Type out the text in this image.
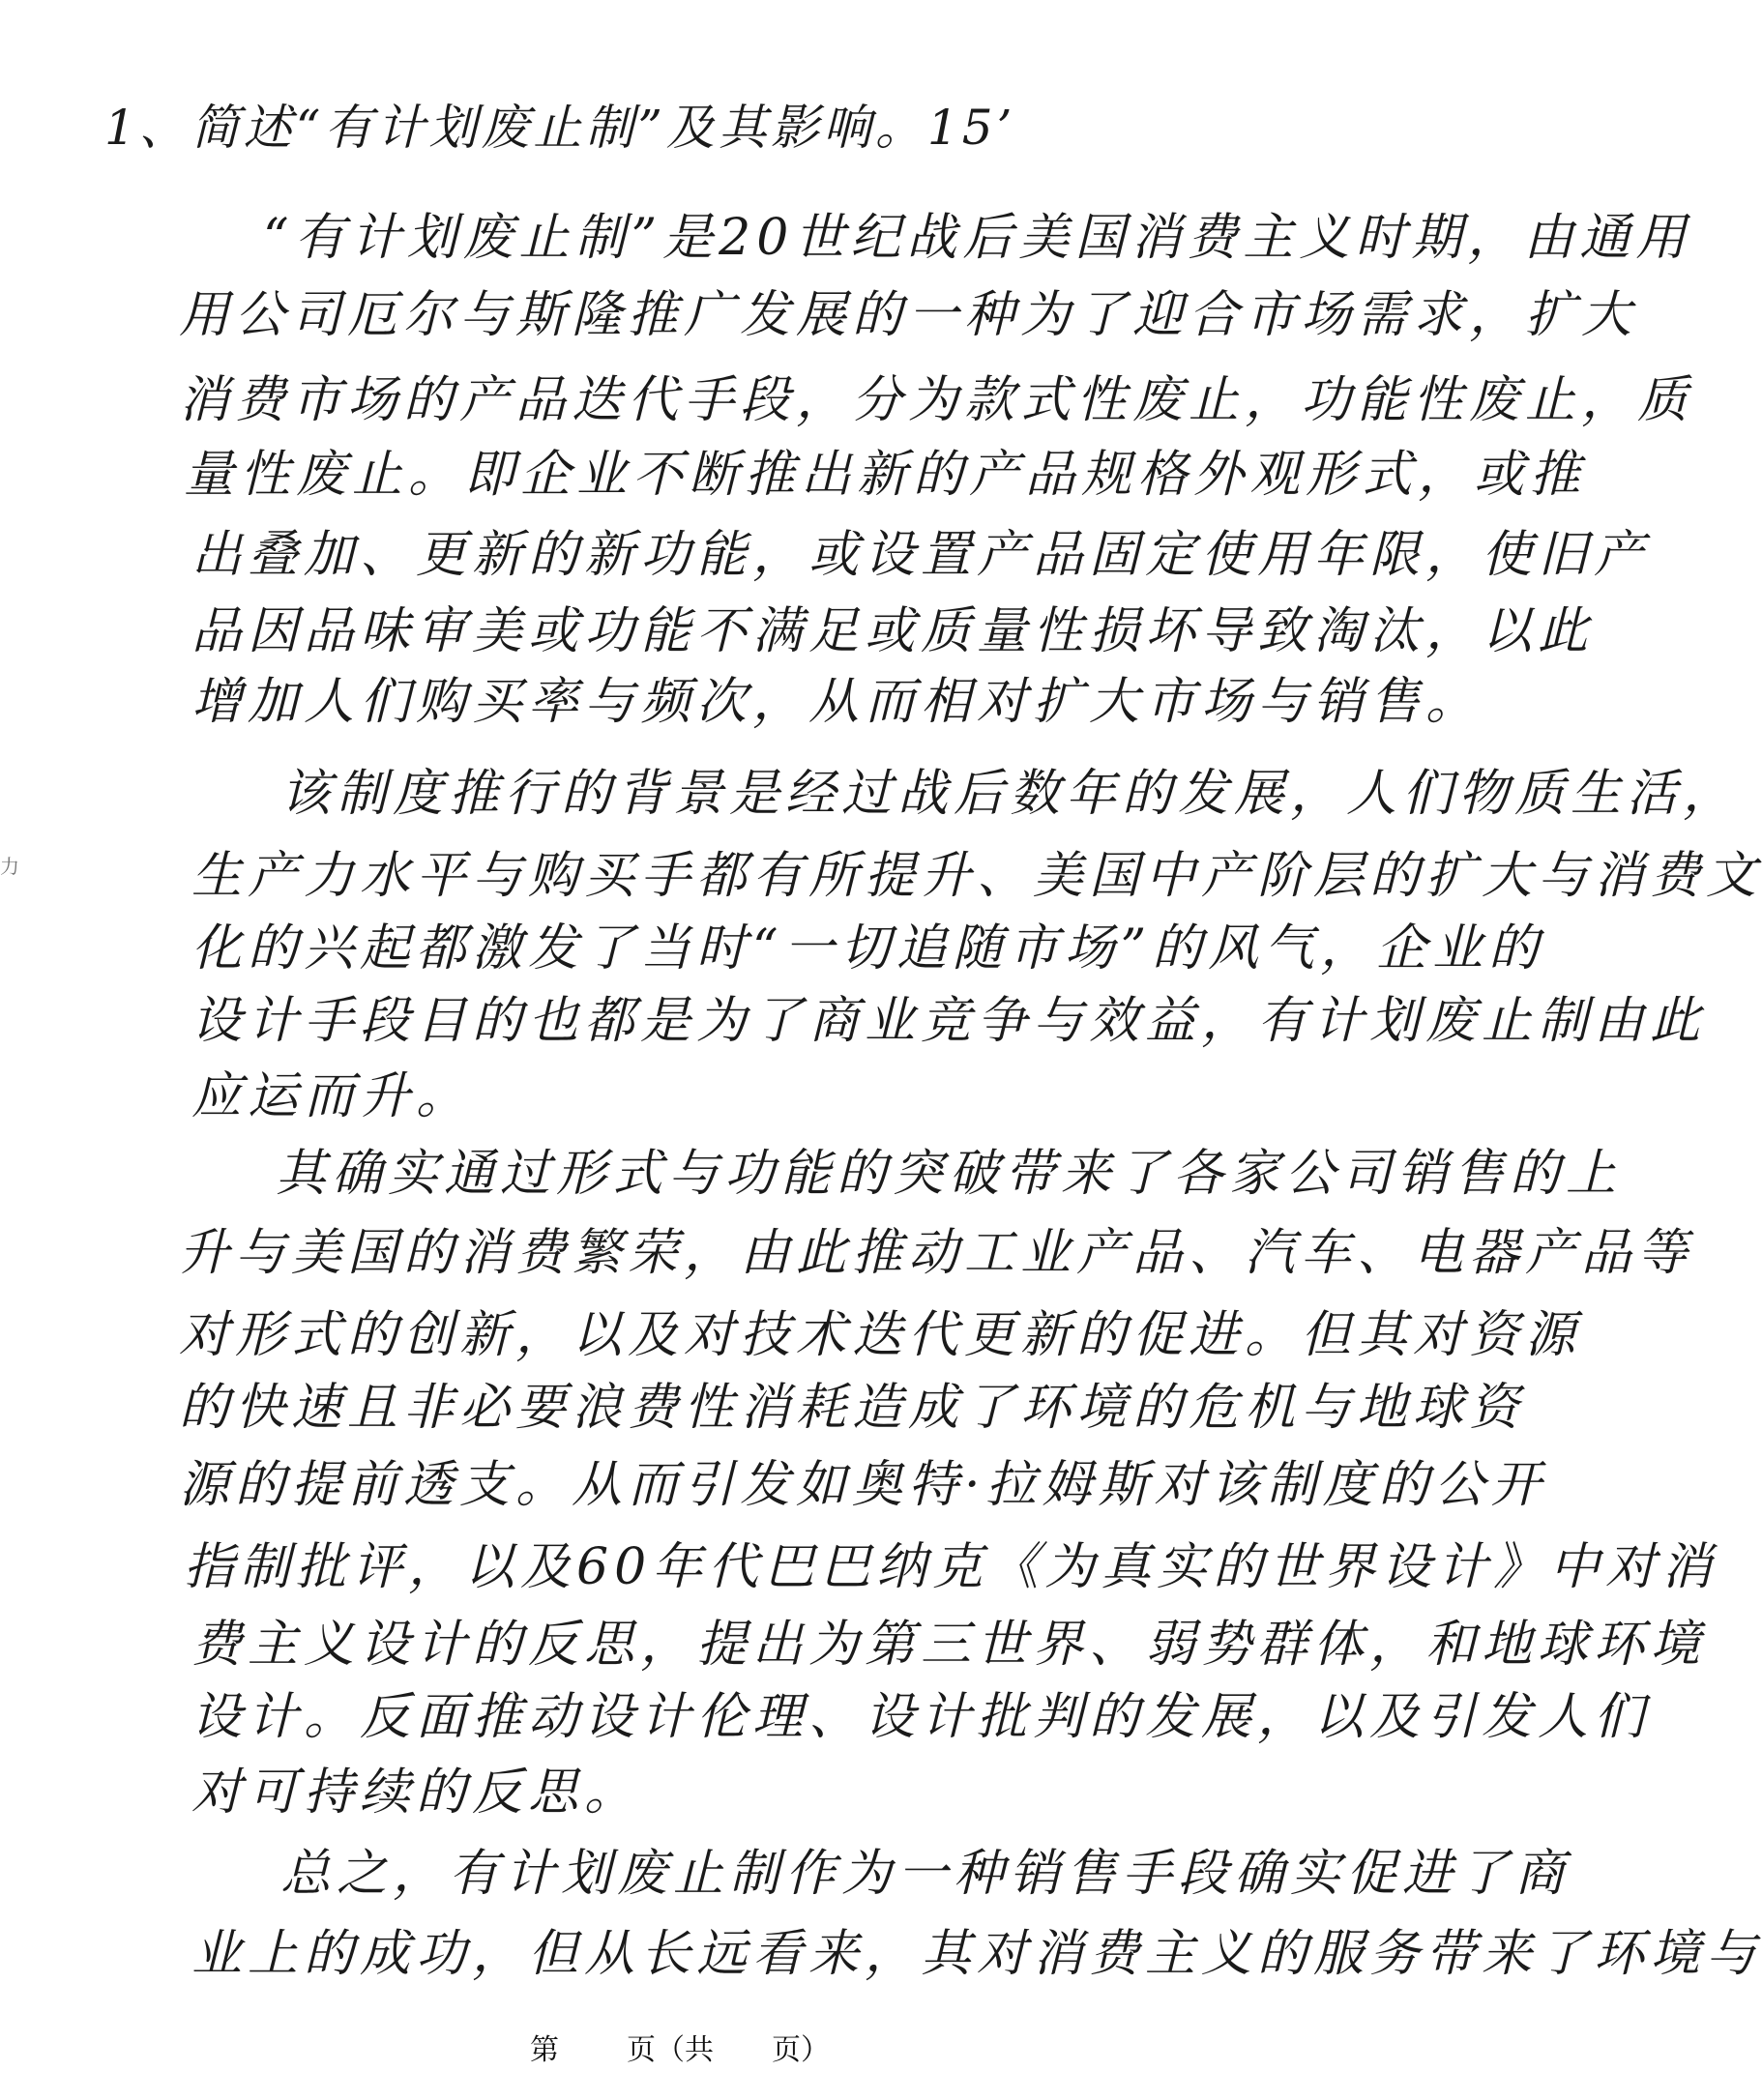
1、简述“有计划废止制”及其影响。15’
“有计划废止制”是20世纪战后美国消费主义时期，由通用
用公司厄尔与斯隆推广发展的一种为了迎合市场需求，扩大
消费市场的产品迭代手段，分为款式性废止，功能性废止，质
量性废止。即企业不断推出新的产品规格外观形式，或推
出叠加、更新的新功能，或设置产品固定使用年限，使旧产
品因品味审美或功能不满足或质量性损坏导致淘汰，以此
增加人们购买率与频次，从而相对扩大市场与销售。
该制度推行的背景是经过战后数年的发展，人们物质生活，
生产力水平与购买手都有所提升、美国中产阶层的扩大与消费文
化的兴起都激发了当时“一切追随市场”的风气，企业的
设计手段目的也都是为了商业竞争与效益，有计划废止制由此
应运而升。
其确实通过形式与功能的突破带来了各家公司销售的上
升与美国的消费繁荣，由此推动工业产品、汽车、电器产品等
对形式的创新，以及对技术迭代更新的促进。但其对资源
的快速且非必要浪费性消耗造成了环境的危机与地球资
源的提前透支。从而引发如奥特·拉姆斯对该制度的公开
指制批评，以及60年代巴巴纳克《为真实的世界设计》中对消
费主义设计的反思，提出为第三世界、弱势群体，和地球环境
设计。反面推动设计伦理、设计批判的发展，以及引发人们
对可持续的反思。
总之，有计划废止制作为一种销售手段确实促进了商
业上的成功，但从长远看来，其对消费主义的服务带来了环境与
力
第 页（共 页）
